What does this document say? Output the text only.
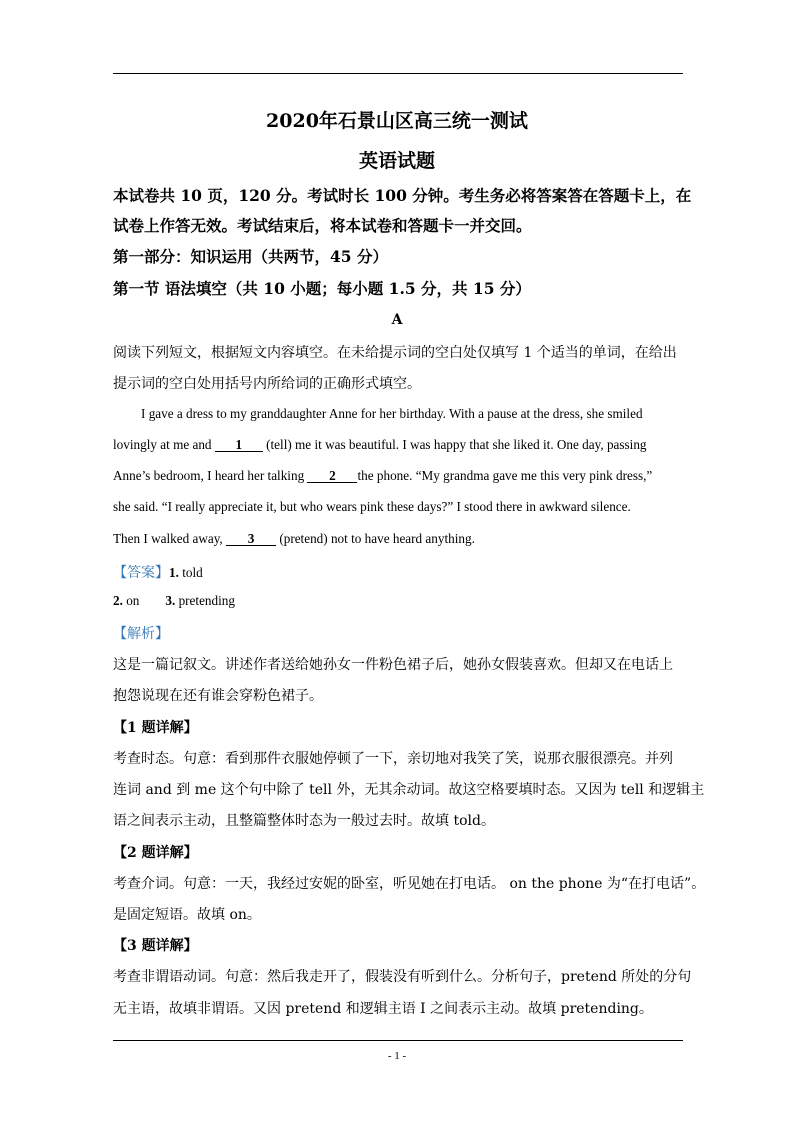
2020年石景山区高三统一测试
英语试题
本试卷共 10 页，120 分。考试时长 100 分钟。考生务必将答案答在答题卡上，在
试卷上作答无效。考试结束后，将本试卷和答题卡一并交回。
第一部分：知识运用（共两节，45 分）
第一节 语法填空（共 10 小题；每小题 1.5 分，共 15 分）
A
阅读下列短文，根据短文内容填空。在未给提示词的空白处仅填写 1 个适当的单词，在给出
提示词的空白处用括号内所给词的正确形式填空。
I gave a dress to my granddaughter Anne for her birthday. With a pause at the dress, she smiled
lovingly at me and 1 (tell) me it was beautiful. I was happy that she liked it. One day, passing
Anne’s bedroom, I heard her talking 2 the phone. “My grandma gave me this very pink dress,”
she said. “I really appreciate it, but who wears pink these days?” I stood there in awkward silence.
Then I walked away, 3 (pretend) not to have heard anything.
【答案】1. told
2. on 3. pretending
【解析】
这是一篇记叙文。讲述作者送给她孙女一件粉色裙子后，她孙女假装喜欢。但却又在电话上
抱怨说现在还有谁会穿粉色裙子。
【1 题详解】
考查时态。句意：看到那件衣服她停顿了一下，亲切地对我笑了笑，说那衣服很漂亮。并列
连词 and 到 me 这个句中除了 tell 外，无其余动词。故这空格要填时态。又因为 tell 和逻辑主
语之间表示主动，且整篇整体时态为一般过去时。故填 told。
【2 题详解】
考查介词。句意：一天，我经过安妮的卧室，听见她在打电话。 on the phone 为“在打电话”。
是固定短语。故填 on。
【3 题详解】
考查非谓语动词。句意：然后我走开了，假装没有听到什么。分析句子，pretend 所处的分句
无主语，故填非谓语。又因 pretend 和逻辑主语 I 之间表示主动。故填 pretending。
- 1 -
